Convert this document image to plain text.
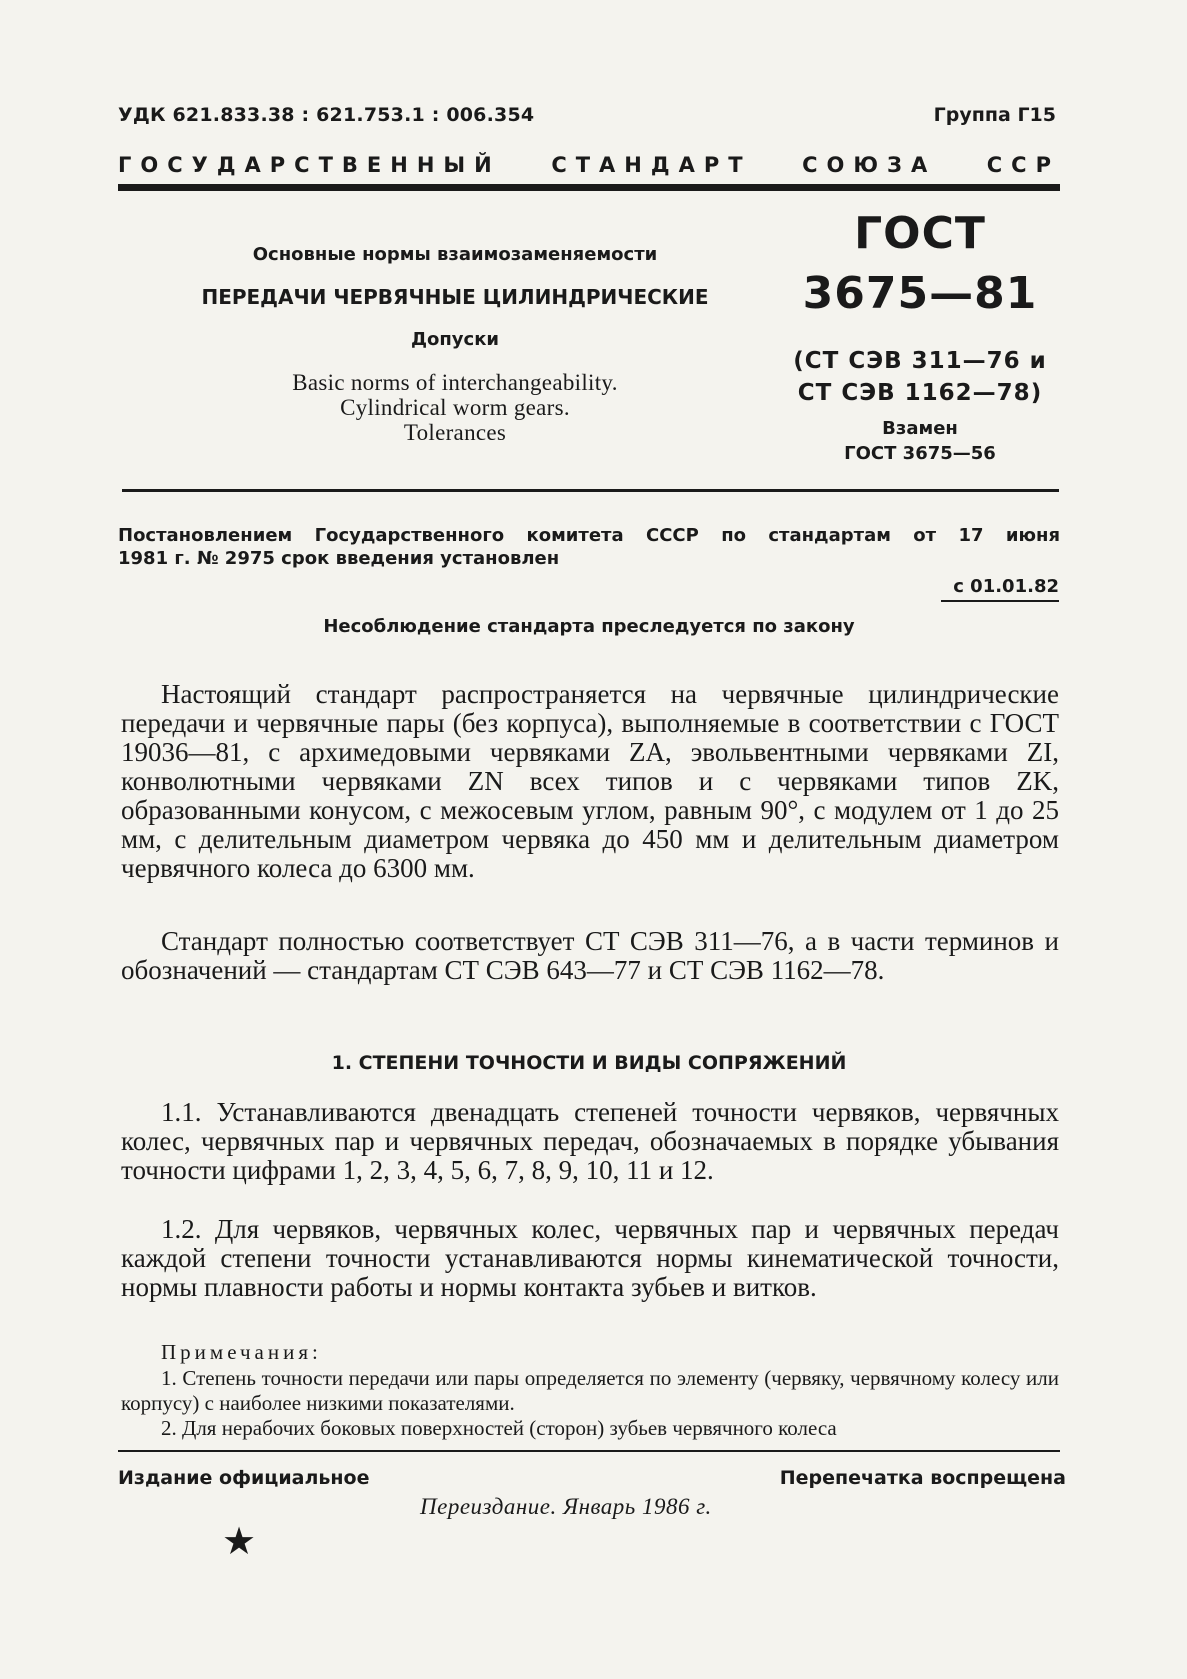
УДК 621.833.38 : 621.753.1 : 006.354	Группа Г15
ГОСУДАРСТВЕННЫЙ СТАНДАРТ СОЮЗА ССР
Основные нормы взаимозаменяемости
ПЕРЕДАЧИ ЧЕРВЯЧНЫЕ ЦИЛИНДРИЧЕСКИЕ
Допуски
Basic norms of interchangeability.
Cylindrical worm gears.
Tolerances
ГОСТ
3675—81
(СТ СЭВ 311—76 и
СТ СЭВ 1162—78)
Взамен
ГОСТ 3675—56
Постановлением Государственного комитета СССР по стандартам от 17 июня
1981 г. № 2975 срок введения установлен
с 01.01.82
Несоблюдение стандарта преследуется по закону

Настоящий стандарт распространяется на червячные цилиндрические передачи и червячные пары (без корпуса), выполняемые в соответствии с ГОСТ 19036—81, с архимедовыми червяками ZA, эвольвентными червяками ZI, конволютными червяками ZN всех типов и с червяками типов ZK, образованными конусом, с межосевым углом, равным 90°, с модулем от 1 до 25 мм, с делительным диаметром червяка до 450 мм и делительным диаметром червячного колеса до 6300 мм.

Стандарт полностью соответствует СТ СЭВ 311—76, а в части терминов и обозначений — стандартам СТ СЭВ 643—77 и СТ СЭВ 1162—78.

1. СТЕПЕНИ ТОЧНОСТИ И ВИДЫ СОПРЯЖЕНИЙ

1.1. Устанавливаются двенадцать степеней точности червяков, червячных колес, червячных пар и червячных передач, обозначаемых в порядке убывания точности цифрами 1, 2, 3, 4, 5, 6, 7, 8, 9, 10, 11 и 12.

1.2. Для червяков, червячных колес, червячных пар и червячных передач каждой степени точности устанавливаются нормы кинематической точности, нормы плавности работы и нормы контакта зубьев и витков.

Примечания:

1. Степень точности передачи или пары определяется по элементу (червяку, червячному колесу или корпусу) с наиболее низкими показателями.

2. Для нерабочих боковых поверхностей (сторон) зубьев червячного колеса

Издание официальное	Перепечатка воспрещена
Переиздание. Январь 1986 г.
★
